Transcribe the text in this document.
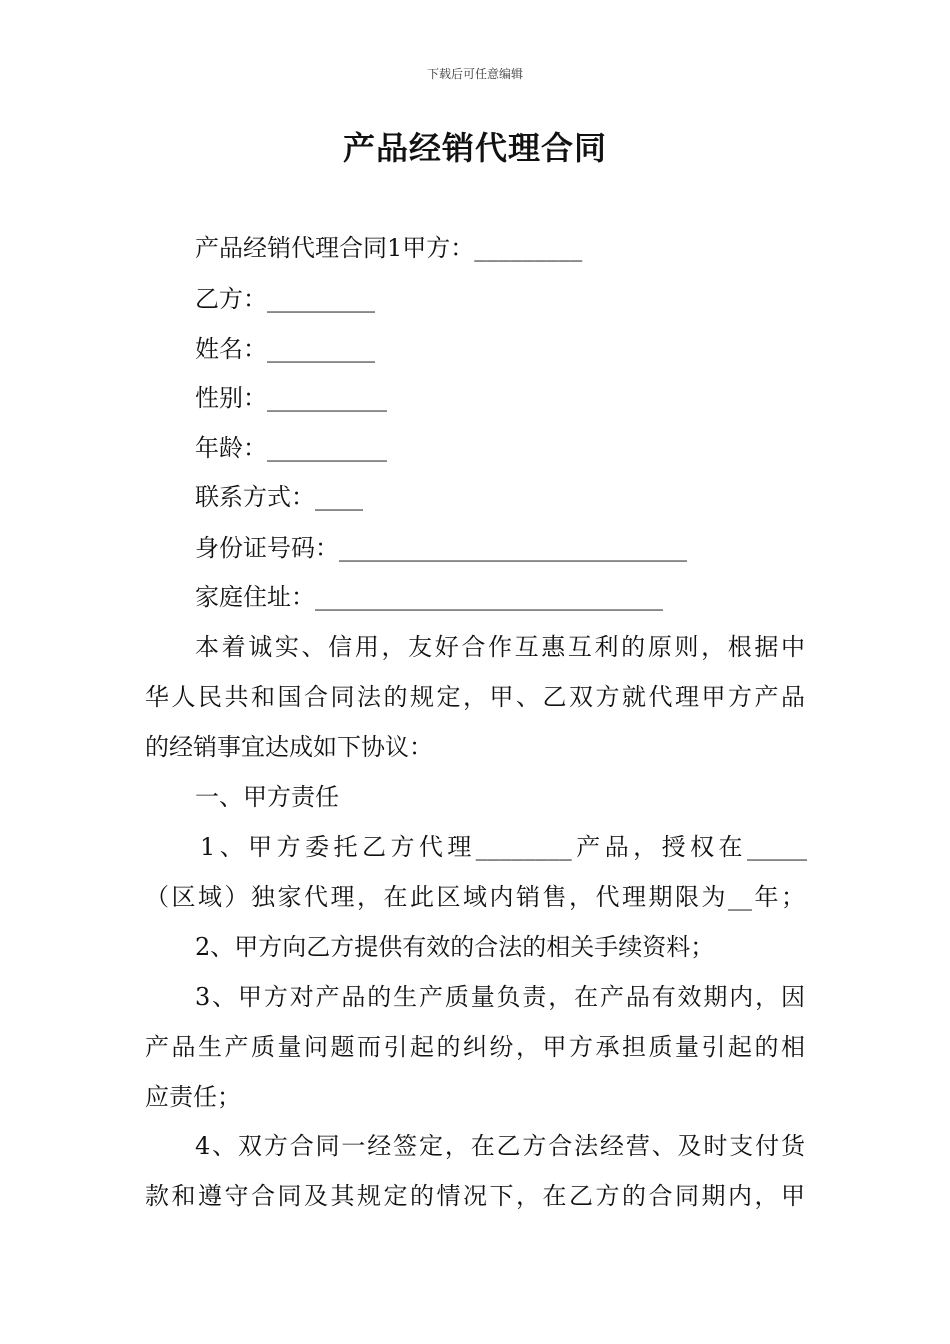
下载后可任意编辑
产品经销代理合同
产品经销代理合同1甲方：_________
乙方：_________
姓名：_________
性别：__________
年龄：__________
联系方式：____
身份证号码：_____________________________
家庭住址：_____________________________
本着诚实、信用，友好合作互惠互利的原则，根据中
华人民共和国合同法的规定，甲、乙双方就代理甲方产品
的经销事宜达成如下协议：
一、甲方责任
1、甲方委托乙方代理________产品，授权在_____
（区域）独家代理，在此区域内销售，代理期限为__年；
2、甲方向乙方提供有效的合法的相关手续资料；
3、甲方对产品的生产质量负责，在产品有效期内，因
产品生产质量问题而引起的纠纷，甲方承担质量引起的相
应责任；
4、双方合同一经签定，在乙方合法经营、及时支付货
款和遵守合同及其规定的情况下，在乙方的合同期内，甲
